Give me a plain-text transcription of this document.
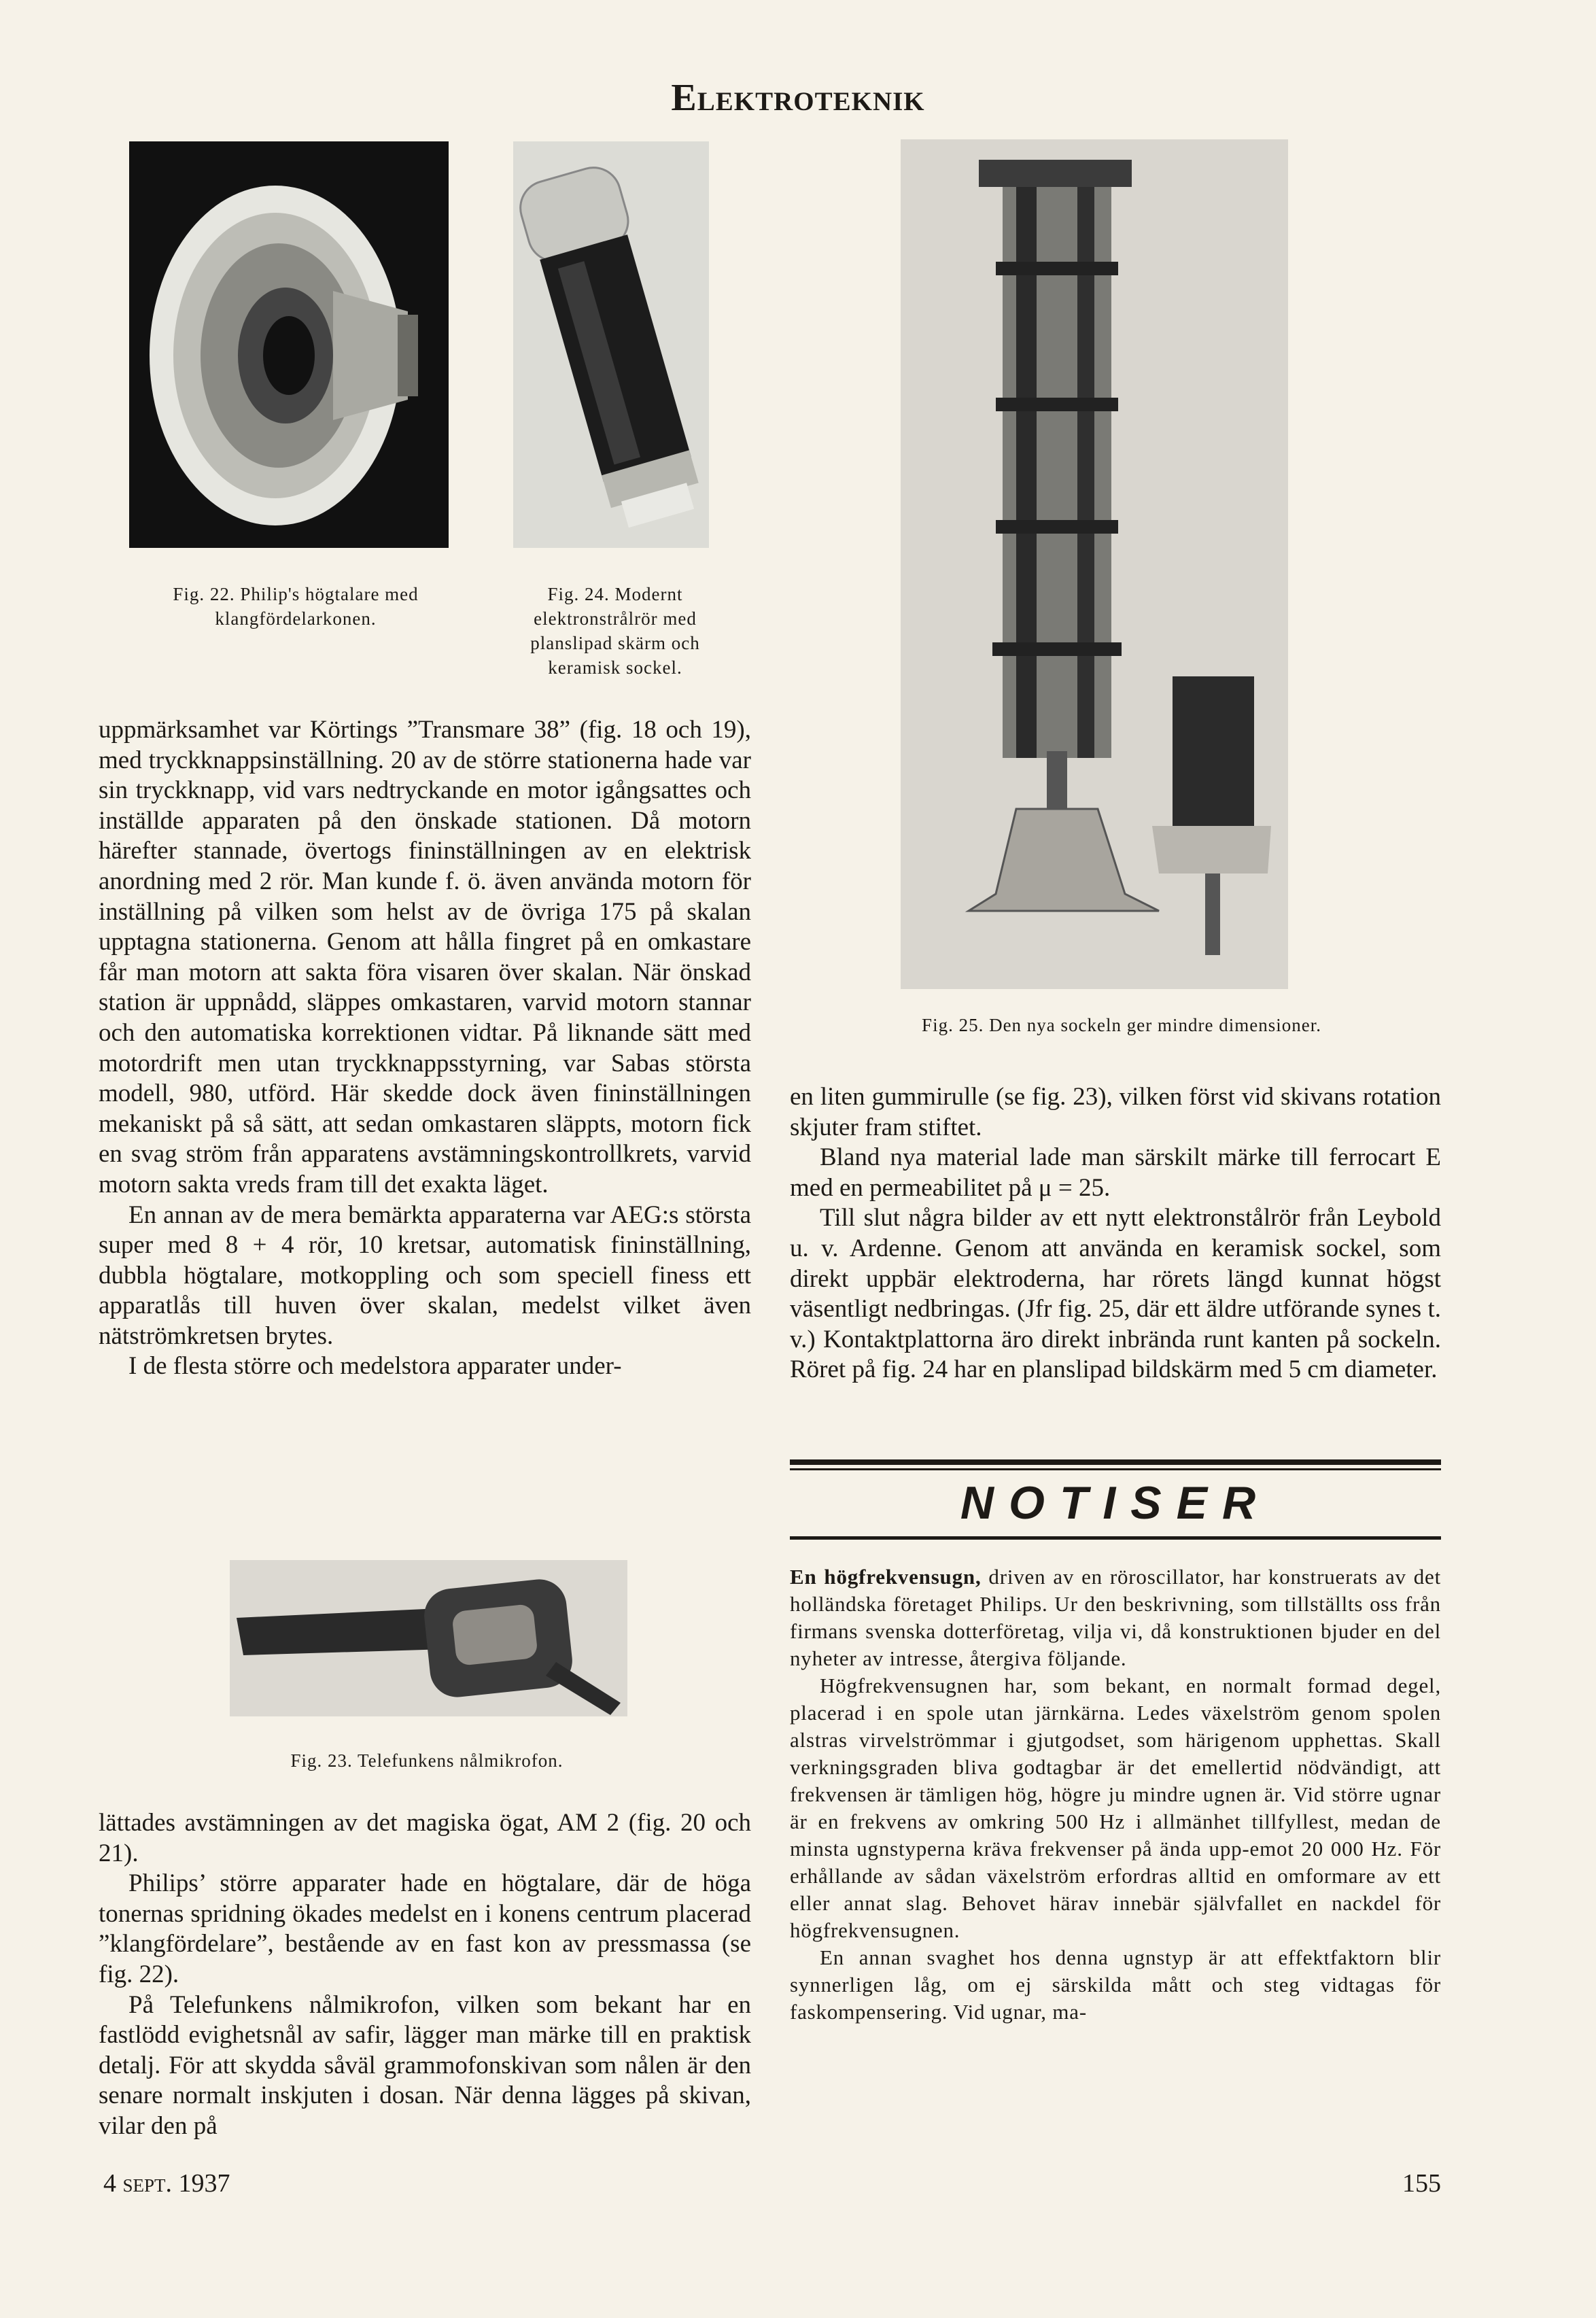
Elektroteknik
Fig. 22. Philip's högtalare med klangfördelarkonen.
Fig. 24. Modernt elektronstrålrör med planslipad skärm och keramisk sockel.
Fig. 25. Den nya sockeln ger mindre dimensioner.

uppmärksamhet var Körtings ”Transmare 38” (fig. 18 och 19), med tryckknappsinställning. 20 av de större stationerna hade var sin tryckknapp, vid vars nedtryckande en motor igångsattes och inställde apparaten på den önskade stationen. Då motorn härefter stannade, övertogs fininställningen av en elektrisk anordning med 2 rör. Man kunde f. ö. även använda motorn för inställning på vilken som helst av de övriga 175 på skalan upptagna stationerna. Genom att hålla fingret på en omkastare får man motorn att sakta föra visaren över skalan. När önskad station är uppnådd, släppes omkastaren, varvid motorn stannar och den automatiska korrektionen vidtar. På liknande sätt med motordrift men utan tryckknappsstyrning, var Sabas största modell, 980, utförd. Här skedde dock även fininställningen mekaniskt på så sätt, att sedan omkastaren släppts, motorn fick en svag ström från apparatens avstämningskontrollkrets, varvid motorn sakta vreds fram till det exakta läget.

En annan av de mera bemärkta apparaterna var AEG:s största super med 8 + 4 rör, 10 kretsar, automatisk fininställning, dubbla högtalare, motkoppling och som speciell finess ett apparatlås till huven över skalan, medelst vilket även nätströmkretsen brytes.

I de flesta större och medelstora apparater under-

Fig. 23. Telefunkens nålmikrofon.

lättades avstämningen av det magiska ögat, AM 2 (fig. 20 och 21).

Philips’ större apparater hade en högtalare, där de höga tonernas spridning ökades medelst en i konens centrum placerad ”klangfördelare”, bestående av en fast kon av pressmassa (se fig. 22).

På Telefunkens nålmikrofon, vilken som bekant har en fastlödd evighetsnål av safir, lägger man märke till en praktisk detalj. För att skydda såväl grammofonskivan som nålen är den senare normalt inskjuten i dosan. När denna lägges på skivan, vilar den på

en liten gummirulle (se fig. 23), vilken först vid skivans rotation skjuter fram stiftet.

Bland nya material lade man särskilt märke till ferrocart E med en permeabilitet på μ = 25.

Till slut några bilder av ett nytt elektronstålrör från Leybold u. v. Ardenne. Genom att använda en keramisk sockel, som direkt uppbär elektroderna, har rörets längd kunnat högst väsentligt nedbringas. (Jfr fig. 25, där ett äldre utförande synes t. v.) Kontaktplattorna äro direkt inbrända runt kanten på sockeln. Röret på fig. 24 har en planslipad bildskärm med 5 cm diameter.

NOTISER

En högfrekvensugn, driven av en röroscillator, har konstruerats av det holländska företaget Philips. Ur den beskrivning, som tillställts oss från firmans svenska dotterföretag, vilja vi, då konstruktionen bjuder en del nyheter av intresse, återgiva följande.

Högfrekvensugnen har, som bekant, en normalt formad degel, placerad i en spole utan järnkärna. Ledes växelström genom spolen alstras virvelströmmar i gjutgodset, som härigenom upphettas. Skall verkningsgraden bliva godtagbar är det emellertid nödvändigt, att frekvensen är tämligen hög, högre ju mindre ugnen är. Vid större ugnar är en frekvens av omkring 500 Hz i allmänhet tillfyllest, medan de minsta ugnstyperna kräva frekvenser på ända upp-emot 20 000 Hz. För erhållande av sådan växelström erfordras alltid en omformare av ett eller annat slag. Behovet härav innebär självfallet en nackdel för högfrekvensugnen.

En annan svaghet hos denna ugnstyp är att effektfaktorn blir synnerligen låg, om ej särskilda mått och steg vidtagas för faskompensering. Vid ugnar, ma-

4 sept. 1937	155
